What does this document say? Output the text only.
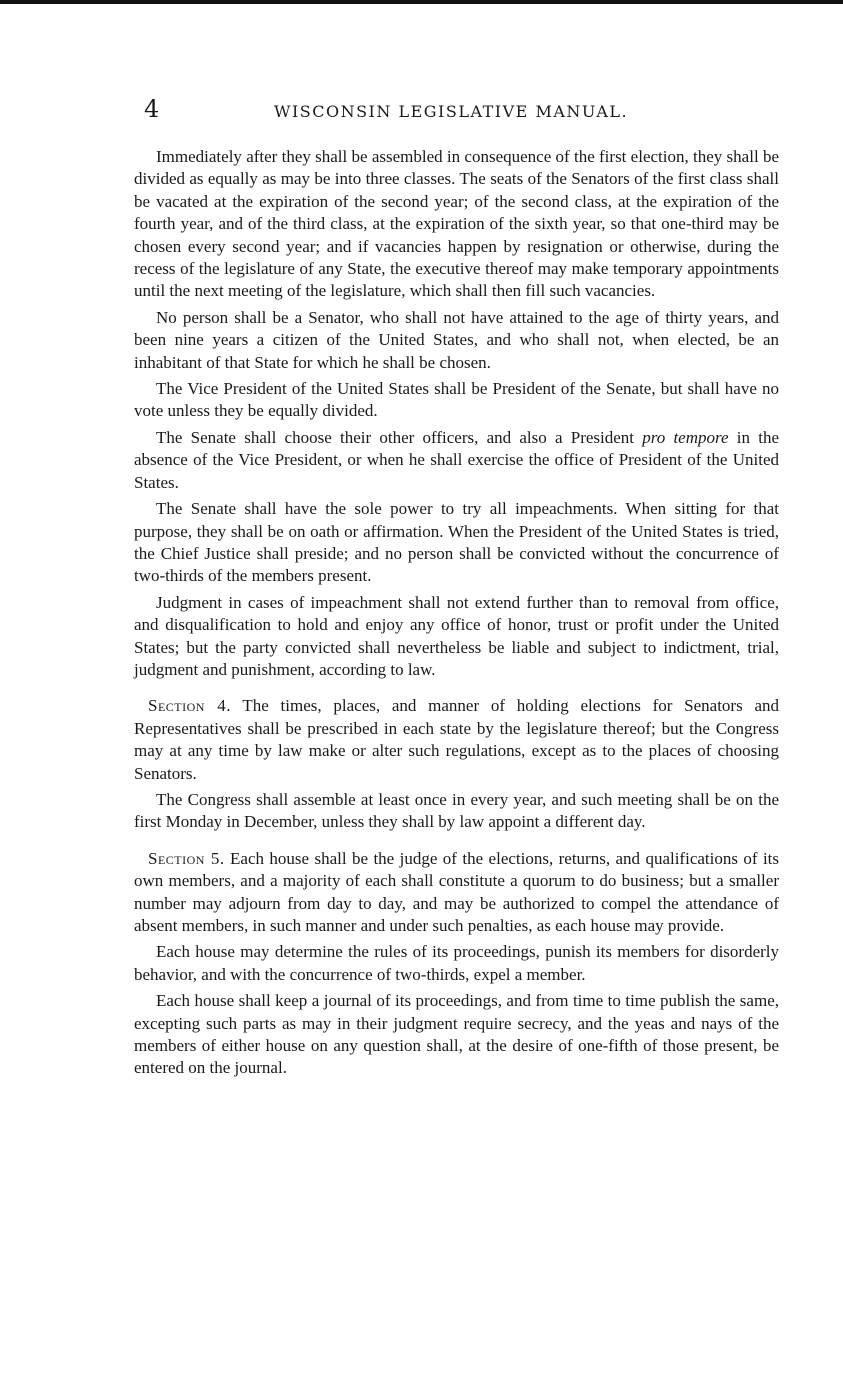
4	WISCONSIN LEGISLATIVE MANUAL.

Immediately after they shall be assembled in consequence of the first election, they shall be divided as equally as may be into three classes. The seats of the Senators of the first class shall be vacated at the expiration of the second year; of the second class, at the expiration of the fourth year, and of the third class, at the expiration of the sixth year, so that one-third may be chosen every second year; and if vacancies happen by resignation or otherwise, during the recess of the legislature of any State, the executive thereof may make temporary appointments until the next meeting of the legislature, which shall then fill such vacancies.

No person shall be a Senator, who shall not have attained to the age of thirty years, and been nine years a citizen of the United States, and who shall not, when elected, be an inhabitant of that State for which he shall be chosen.

The Vice President of the United States shall be President of the Senate, but shall have no vote unless they be equally divided.

The Senate shall choose their other officers, and also a President pro tempore in the absence of the Vice President, or when he shall exercise the office of President of the United States.

The Senate shall have the sole power to try all impeachments. When sitting for that purpose, they shall be on oath or affirmation. When the President of the United States is tried, the Chief Justice shall preside; and no person shall be convicted without the concurrence of two-thirds of the members present.

Judgment in cases of impeachment shall not extend further than to removal from office, and disqualification to hold and enjoy any office of honor, trust or profit under the United States; but the party convicted shall nevertheless be liable and subject to indictment, trial, judgment and punishment, according to law.

Section 4. The times, places, and manner of holding elections for Senators and Representatives shall be prescribed in each state by the legislature thereof; but the Congress may at any time by law make or alter such regulations, except as to the places of choosing Senators.

The Congress shall assemble at least once in every year, and such meeting shall be on the first Monday in December, unless they shall by law appoint a different day.

Section 5. Each house shall be the judge of the elections, returns, and qualifications of its own members, and a majority of each shall constitute a quorum to do business; but a smaller number may adjourn from day to day, and may be authorized to compel the attendance of absent members, in such manner and under such penalties, as each house may provide.

Each house may determine the rules of its proceedings, punish its members for disorderly behavior, and with the concurrence of two-thirds, expel a member.

Each house shall keep a journal of its proceedings, and from time to time publish the same, excepting such parts as may in their judgment require secrecy, and the yeas and nays of the members of either house on any question shall, at the desire of one-fifth of those present, be entered on the journal.
